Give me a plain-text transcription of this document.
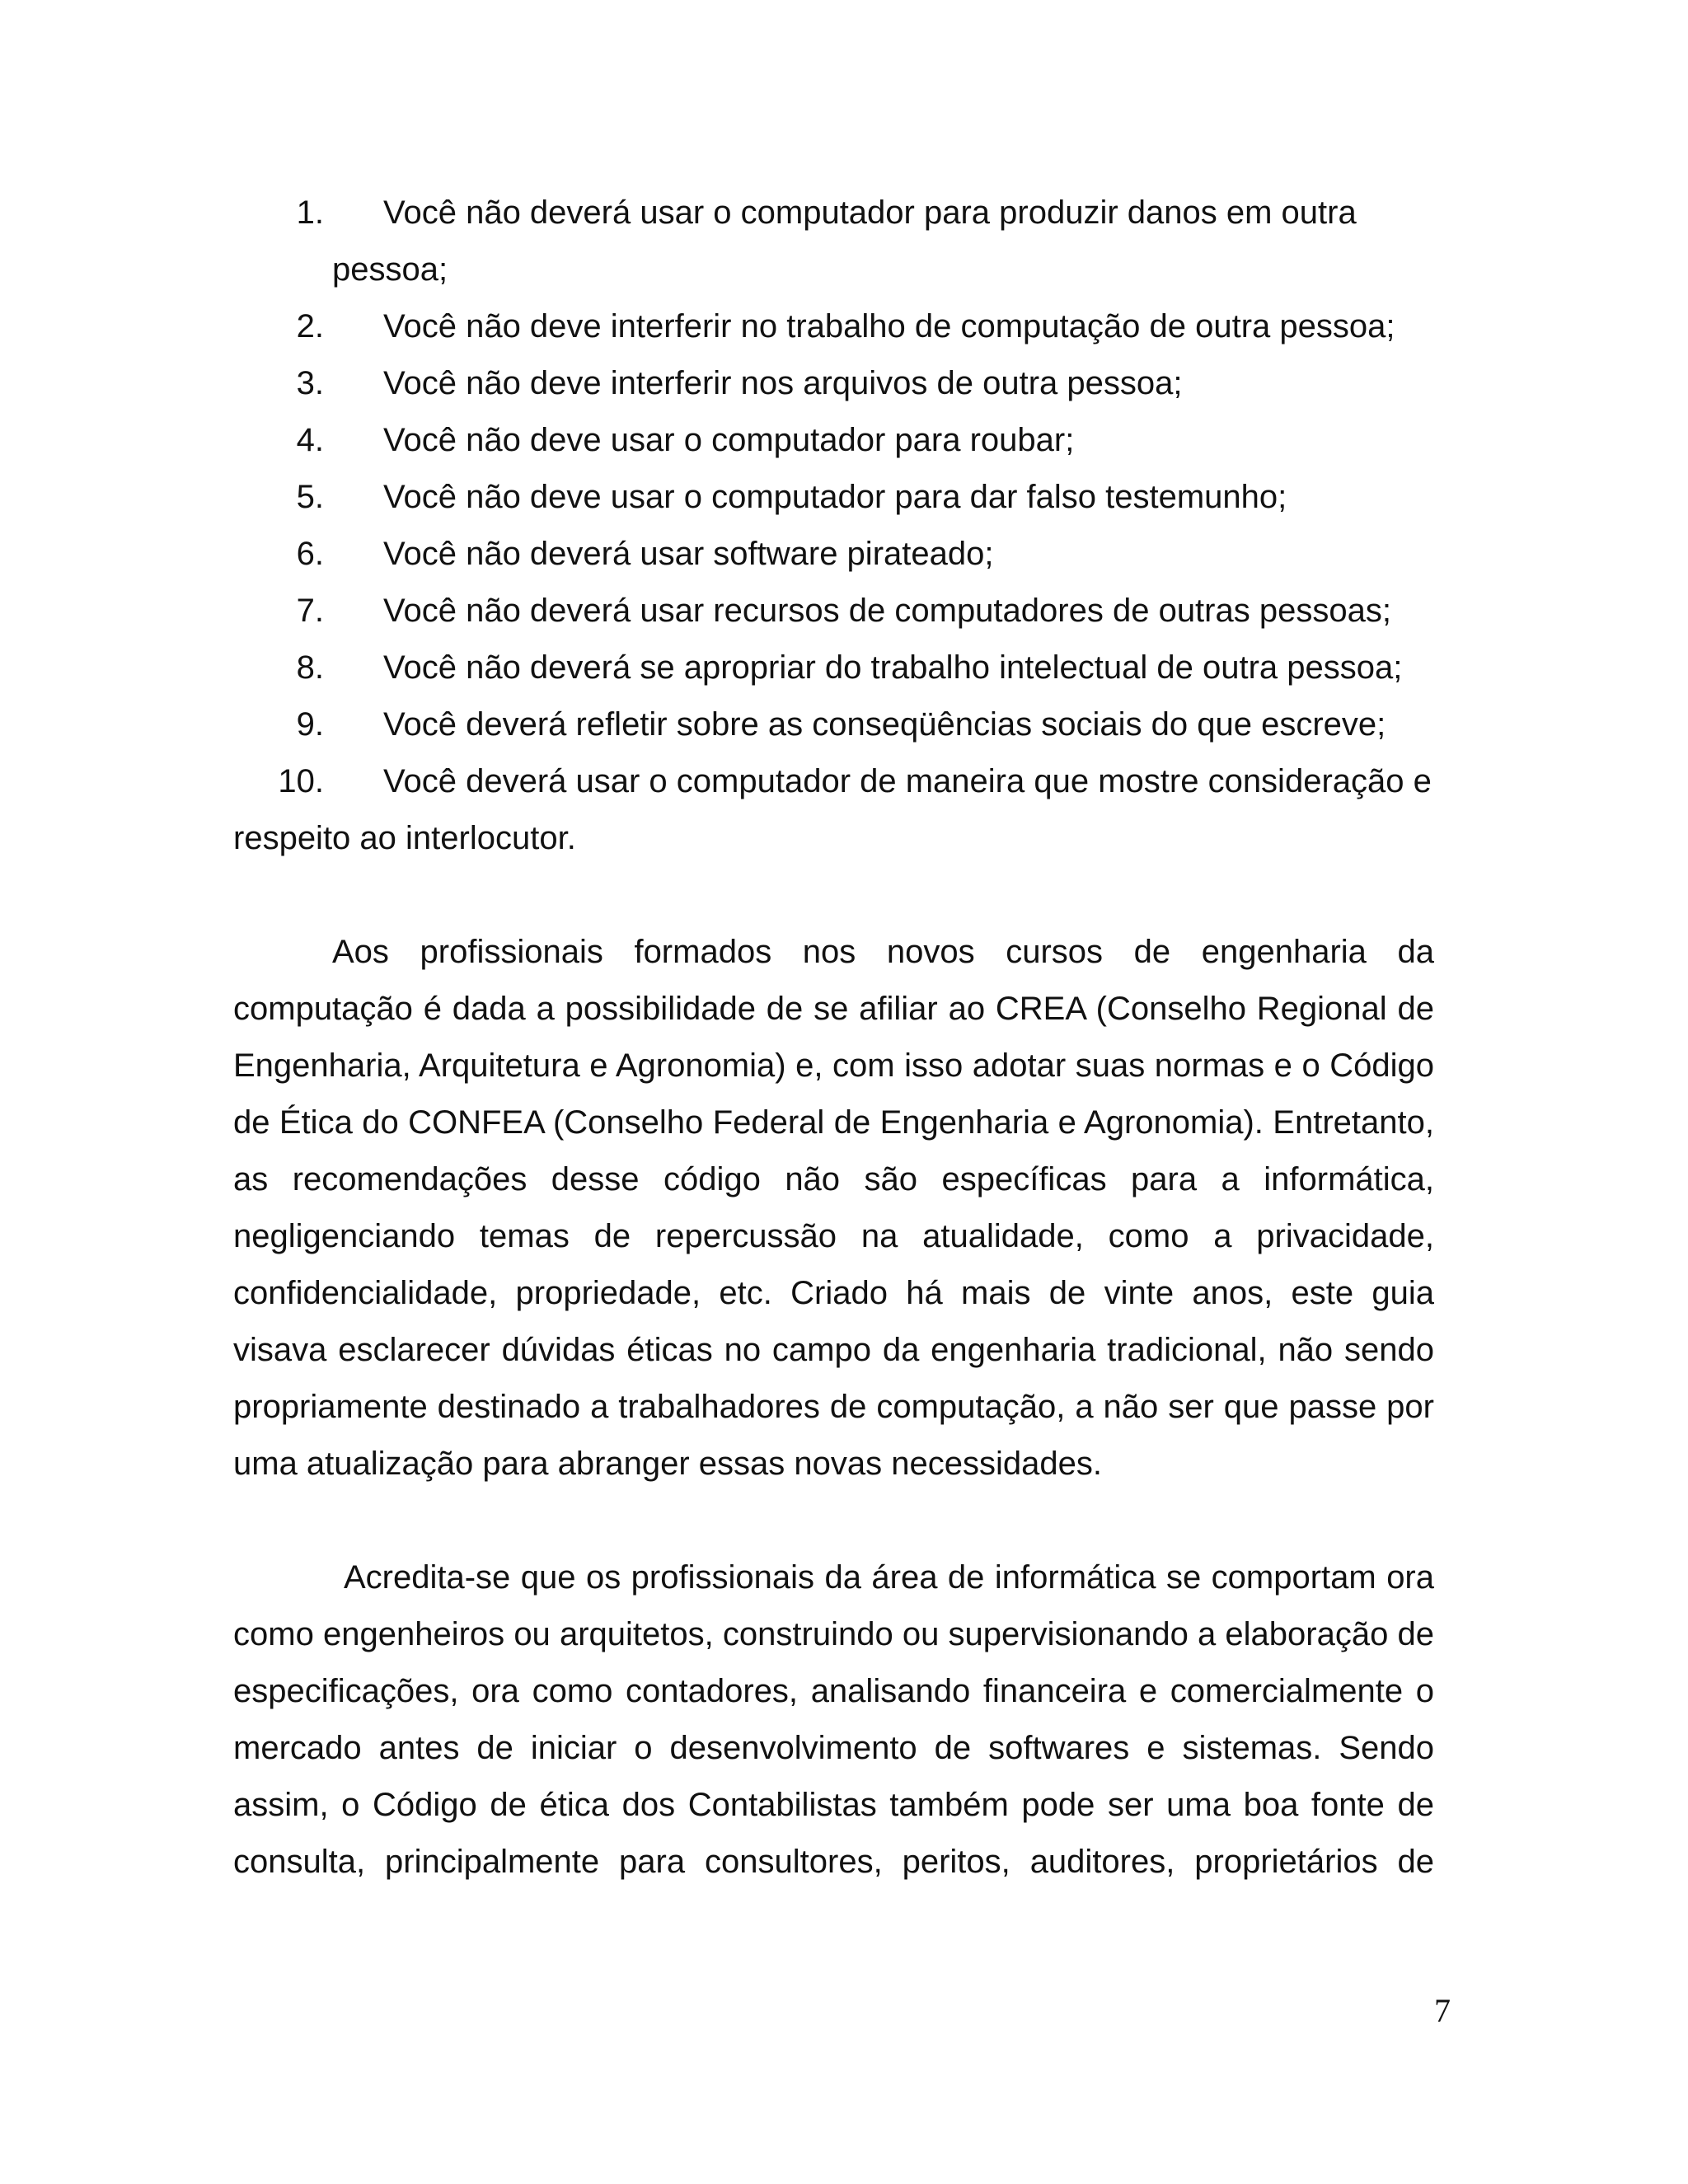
1. Você não deverá usar o computador para produzir danos em outra
pessoa;
2. Você não deve interferir no trabalho de computação de outra pessoa;
3. Você não deve interferir nos arquivos de outra pessoa;
4. Você não deve usar o computador para roubar;
5. Você não deve usar o computador para dar falso testemunho;
6. Você não deverá usar software pirateado;
7. Você não deverá usar recursos de computadores de outras pessoas;
8. Você não deverá se apropriar do trabalho intelectual de outra pessoa;
9. Você deverá refletir sobre as conseqüências sociais do que escreve;
10. Você deverá usar o computador de maneira que mostre consideração e
respeito ao interlocutor.

Aos profissionais formados nos novos cursos de engenharia da computação é dada a possibilidade de se afiliar ao CREA (Conselho Regional de Engenharia, Arquitetura e Agronomia) e, com isso adotar suas normas e o Código de Ética do CONFEA (Conselho Federal de Engenharia e Agronomia). Entretanto, as recomendações desse código não são específicas para a informática, negligenciando temas de repercussão na atualidade, como a privacidade, confidencialidade, propriedade, etc. Criado há mais de vinte anos, este guia visava esclarecer dúvidas éticas no campo da engenharia tradicional, não sendo propriamente destinado a trabalhadores de computação, a não ser que passe por uma atualização para abranger essas novas necessidades.

Acredita-se que os profissionais da área de informática se comportam ora como engenheiros ou arquitetos, construindo ou supervisionando a elaboração de especificações, ora como contadores, analisando financeira e comercialmente o mercado antes de iniciar o desenvolvimento de softwares e sistemas. Sendo assim, o Código de ética dos Contabilistas também pode ser uma boa fonte de consulta, principalmente para consultores, peritos, auditores, proprietários de

7
